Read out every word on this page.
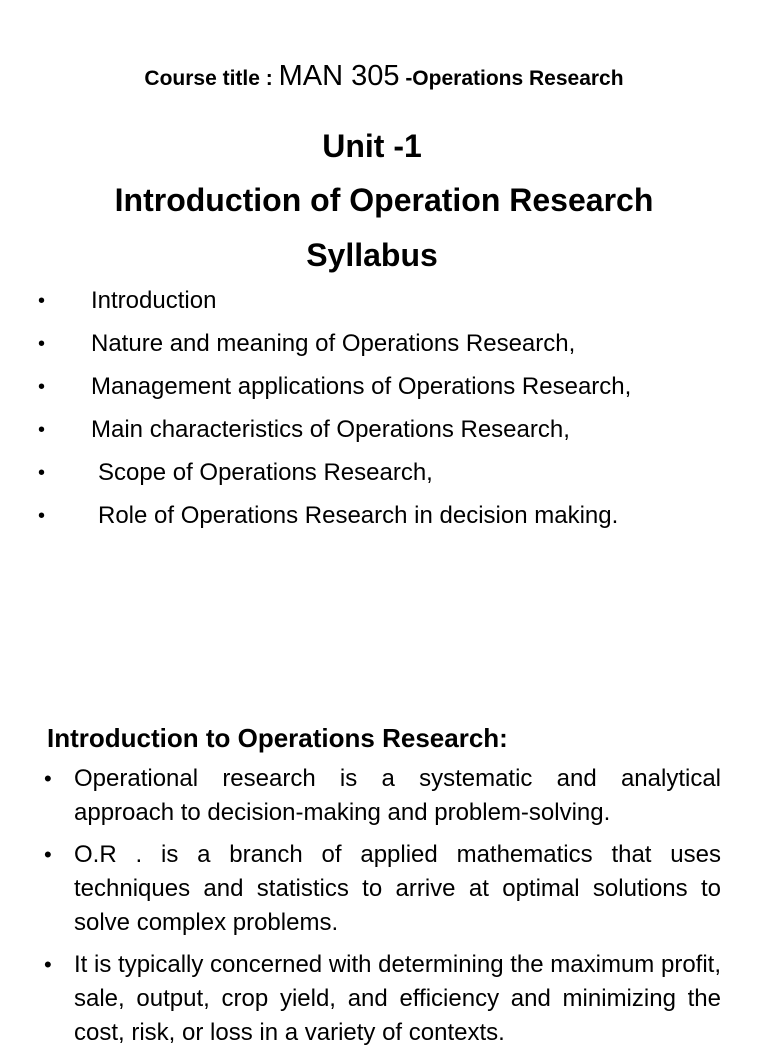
Course title : MAN 305 -Operations Research
Unit -1
Introduction of Operation Research
Syllabus
• Introduction
• Nature and meaning of Operations Research,
• Management applications of Operations Research,
• Main characteristics of Operations Research,
• Scope of Operations Research,
• Role of Operations Research in decision making.
Introduction to Operations Research:
• Operational research is a systematic and analytical approach to decision-making and problem-solving.
• O.R . is a branch of applied mathematics that uses techniques and statistics to arrive at optimal solutions to solve complex problems.
• It is typically concerned with determining the maximum profit, sale, output, crop yield, and efficiency and minimizing the cost, risk, or loss in a variety of contexts.
